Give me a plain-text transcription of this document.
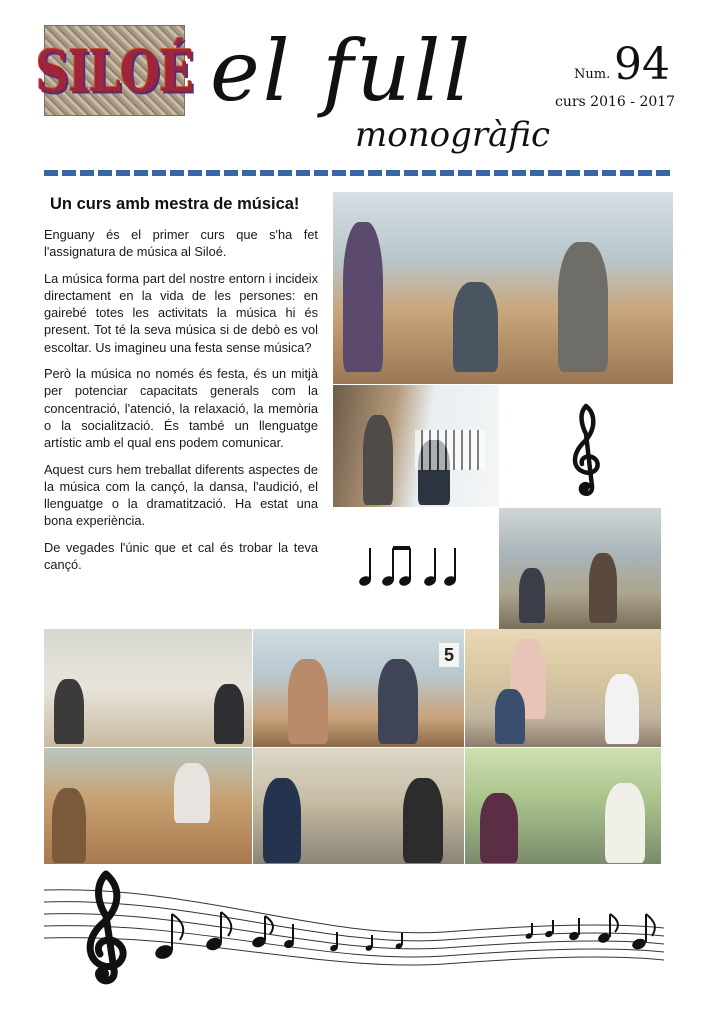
SILOÉ el full
monogràfic
Num. 94
curs 2016 - 2017
Un curs amb mestra de música!

Enguany és el primer curs que s'ha fet l'assignatura de música al Siloé.

La música forma part del nostre entorn i incideix directament en la vida de les persones: en gairebé totes les activitats la música hi és present. Tot té la seva música si de debò es vol escoltar. Us imagineu una festa sense música?

Però la música no només és festa, és un mitjà per potenciar capacitats generals com la concentració, l'atenció, la relaxació, la memòria o la socialització. És també un llenguatge artístic amb el qual ens podem comunicar.

Aquest curs hem treballat diferents aspectes de la música com la cançó, la dansa, l'audició, el llenguatge o la dramatització. Ha estat una bona experiència.

De vegades l'únic que et cal és trobar la teva cançó.

5
